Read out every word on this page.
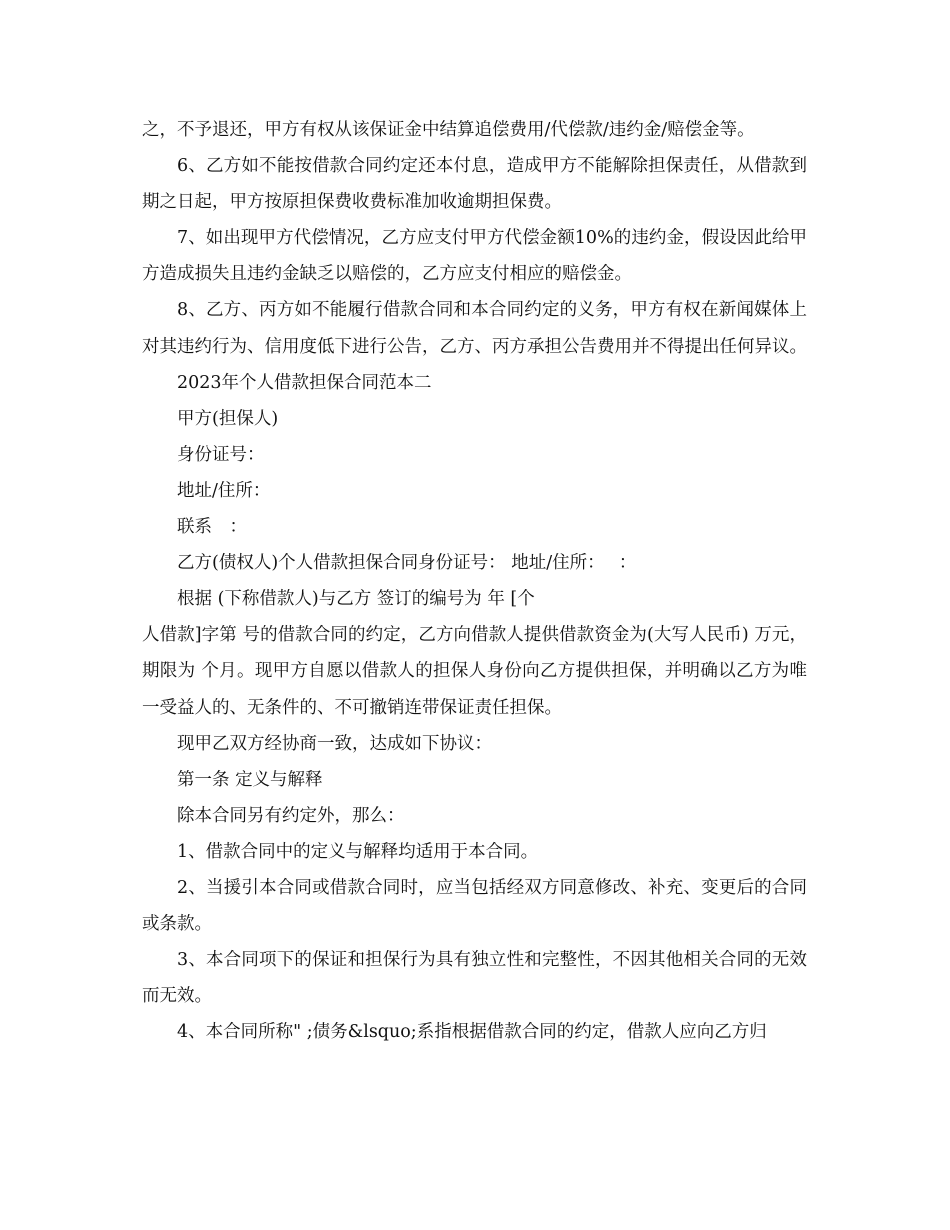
之，不予退还，甲方有权从该保证金中结算追偿费用/代偿款/违约金/赔偿金等。

6、乙方如不能按借款合同约定还本付息，造成甲方不能解除担保责任，从借款到期之日起，甲方按原担保费收费标准加收逾期担保费。

7、如出现甲方代偿情况，乙方应支付甲方代偿金额10%的违约金，假设因此给甲方造成损失且违约金缺乏以赔偿的，乙方应支付相应的赔偿金。

8、乙方、丙方如不能履行借款合同和本合同约定的义务，甲方有权在新闻媒体上对其违约行为、信用度低下进行公告，乙方、丙方承担公告费用并不得提出任何异议。

2023年个人借款担保合同范本二

甲方(担保人)

身份证号：

地址/住所：

联系　：

乙方(债权人)个人借款担保合同身份证号： 地址/住所：　 ：

根据 (下称借款人)与乙方 签订的编号为 年 [个

人借款]字第 号的借款合同的约定，乙方向借款人提供借款资金为(大写人民币) 万元，期限为 个月。现甲方自愿以借款人的担保人身份向乙方提供担保，并明确以乙方为唯一受益人的、无条件的、不可撤销连带保证责任担保。

现甲乙双方经协商一致，达成如下协议：

第一条 定义与解释

除本合同另有约定外，那么：

1、借款合同中的定义与解释均适用于本合同。

2、当援引本合同或借款合同时，应当包括经双方同意修改、补充、变更后的合同或条款。

3、本合同项下的保证和担保行为具有独立性和完整性，不因其他相关合同的无效而无效。

4、本合同所称" ;债务&lsquo;系指根据借款合同的约定，借款人应向乙方归
